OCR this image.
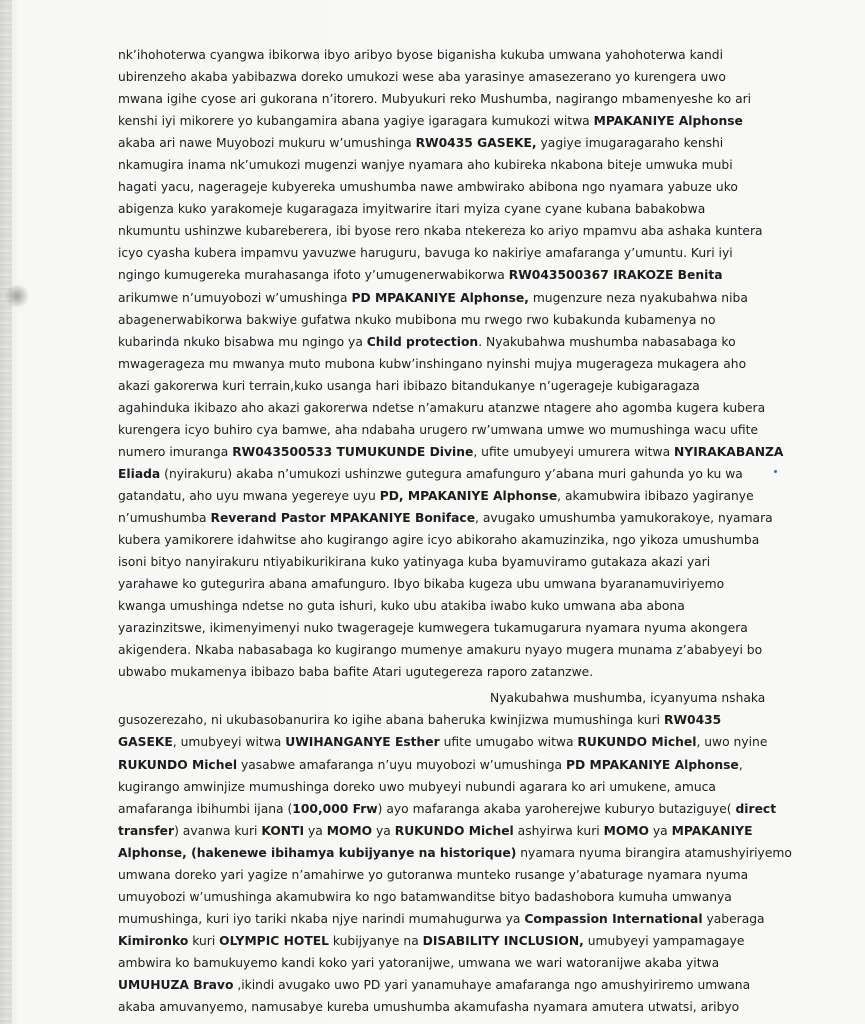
nk’ihohoterwa cyangwa ibikorwa ibyo aribyo byose biganisha kukuba umwana yahohoterwa kandi
ubirenzeho akaba yabibazwa doreko umukozi wese aba yarasinye amasezerano yo kurengera uwo
mwana igihe cyose ari gukorana n’itorero. Mubyukuri reko Mushumba, nagirango mbamenyeshe ko ari
kenshi iyi mikorere yo kubangamira abana yagiye igaragara kumukozi witwa MPAKANIYE Alphonse
akaba ari nawe Muyobozi mukuru w’umushinga RW0435 GASEKE, yagiye imugaragaraho kenshi
nkamugira inama nk’umukozi mugenzi wanjye nyamara aho kubireka nkabona biteje umwuka mubi
hagati yacu, nagerageje kubyereka umushumba nawe ambwirako abibona ngo nyamara yabuze uko
abigenza kuko yarakomeje kugaragaza imyitwarire itari myiza cyane cyane kubana babakobwa
nkumuntu ushinzwe kubareberera, ibi byose rero nkaba ntekereza ko ariyo mpamvu aba ashaka kuntera
icyo cyasha kubera impamvu yavuzwe haruguru, bavuga ko nakiriye amafaranga y’umuntu. Kuri iyi
ngingo kumugereka murahasanga ifoto y’umugenerwabikorwa RW043500367 IRAKOZE Benita
arikumwe n’umuyobozi w’umushinga PD MPAKANIYE Alphonse, mugenzure neza nyakubahwa niba
abagenerwabikorwa bakwiye gufatwa nkuko mubibona mu rwego rwo kubakunda kubamenya no
kubarinda nkuko bisabwa mu ngingo ya Child protection. Nyakubahwa mushumba nabasabaga ko
mwagerageza mu mwanya muto mubona kubw’inshingano nyinshi mujya mugerageza mukagera aho
akazi gakorerwa kuri terrain,kuko usanga hari ibibazo bitandukanye n’ugeragejе kubigaragaza
agahinduka ikibazo aho akazi gakorerwa ndetse n’amakuru atanzwe ntagere aho agomba kugera kubera
kurengera icyo buhiro cya bamwe, aha ndabaha urugero rw’umwana umwe wo mumushinga wacu ufite
numero imuranga RW043500533 TUMUKUNDE Divine, ufite umubyeyi umurera witwa NYIRAKABANZA
Eliada (nyirakuru) akaba n’umukozi ushinzwe gutegura amafunguro y’abana muri gahunda yo ku wa
gatandatu, aho uyu mwana yegereye uyu PD, MPAKANIYE Alphonse, akamubwira ibibazo yagiranye
n’umushumba Reverand Pastor MPAKANIYE Boniface, avugako umushumba yamukorakoye, nyamara
kubera yamikorere idahwitse aho kugirango agire icyo abikoraho akamuzinzika, ngo yikoza umushumba
isoni bityo nanyirakuru ntiyabikurikirana kuko yatinyaga kuba byamuviramo gutakaza akazi yari
yarahawe ko gutegurira abana amafunguro. Ibyo bikaba kugeza ubu umwana byaranamuviriyemo
kwanga umushinga ndetse no guta ishuri, kuko ubu atakiba iwabo kuko umwana aba abona
yarazinzitswe, ikimenyimenyi nuko twagerageje kumwegera tukamugarura nyamara nyuma akongera
akigendera. Nkaba nabasabaga ko kugirango mumenye amakuru nyayo mugera munama z’ababyeyi bo
ubwabo mukamenya ibibazo baba bafite Atari ugutegereza raporo zatanzwe.
Nyakubahwa mushumba, icyanyuma nshaka
gusozerezaho, ni ukubasobanurira ko igihe abana baheruka kwinjizwa mumushinga kuri RW0435
GASEKE, umubyeyi witwa UWIHANGANYE Esther ufite umugabo witwa RUKUNDO Michel, uwo nyine
RUKUNDO Michel yasabwe amafaranga n’uyu muyobozi w’umushinga PD MPAKANIYE Alphonse,
kugirango amwinjize mumushinga doreko uwo mubyeyi nubundi agarara ko ari umukene, amuca
amafaranga ibihumbi ijana (100,000 Frw) ayo mafaranga akaba yaroherejwe kuburyo butaziguye( direct
transfer) avanwa kuri KONTI ya MOMO ya RUKUNDO Michel ashyirwa kuri MOMO ya MPAKANIYE
Alphonse, (hakenewe ibihamya kubijyanye na historique) nyamara nyuma birangira atamushyiriyemo
umwana doreko yari yagize n’amahirwe yo gutoranwa munteko rusange y’abaturage nyamara nyuma
umuyobozi w’umushinga akamubwira ko ngo batamwanditse bityo badashobora kumuha umwanya
mumushinga, kuri iyo tariki nkaba njye narindi mumahugurwa ya Compassion International yaberaga
Kimironko kuri OLYMPIC HOTEL kubijyanye na DISABILITY INCLUSION, umubyeyi yampamagaye
ambwira ko bamukuyemo kandi koko yari yatoranijwe, umwana we wari watoranijwe akaba yitwa
UMUHUZA Bravo ,ikindi avugako uwo PD yari yanamuhaye amafaranga ngo amushyiriremo umwana
akaba amuvanyemo, namusabye kureba umushumba akamufasha nyamara amutera utwatsi, aribyo
